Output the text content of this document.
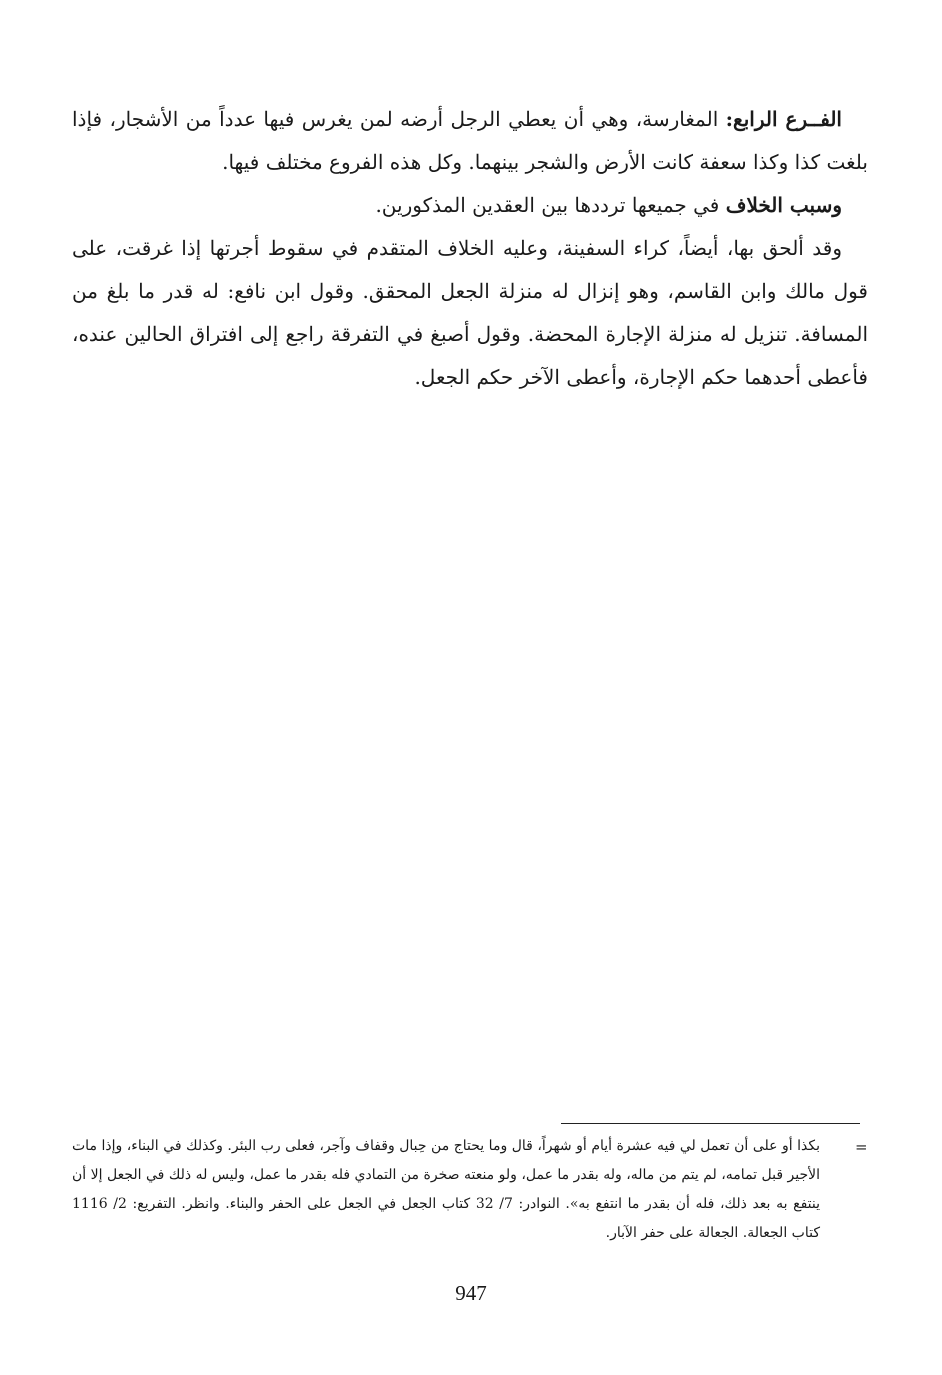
الفــرع الرابع: المغارسة، وهي أن يعطي الرجل أرضه لمن يغرس فيها عدداً من الأشجار، فإذا بلغت كذا وكذا سعفة كانت الأرض والشجر بينهما. وكل هذه الفروع مختلف فيها.

وسبب الخلاف في جميعها ترددها بين العقدين المذكورين.

وقد ألحق بها، أيضاً، كراء السفينة، وعليه الخلاف المتقدم في سقوط أجرتها إذا غرقت، على قول مالك وابن القاسم، وهو إنزال له منزلة الجعل المحقق. وقول ابن نافع: له قدر ما بلغ من المسافة. تنزيل له منزلة الإجارة المحضة. وقول أصبغ في التفرقة راجع إلى افتراق الحالين عنده، فأعطى أحدهما حكم الإجارة، وأعطى الآخر حكم الجعل.

=
بكذا أو على أن تعمل لي فيه عشرة أيام أو شهراً، قال وما يحتاج من حِبال وقفاف وآجر، فعلى رب البئر. وكذلك في البناء، وإذا مات الأجير قبل تمامه، لم يتم من ماله، وله بقدر ما عمل، ولو منعته صخرة من التمادي فله بقدر ما عمل، وليس له ذلك في الجعل إلا أن ينتفع به بعد ذلك، فله أن بقدر ما انتفع به». النوادر: 7/ 32 كتاب الجعل في الجعل على الحفر والبناء. وانظر. التفريع: 2/ 1116 كتاب الجعالة. الجعالة على حفر الآبار.
947
